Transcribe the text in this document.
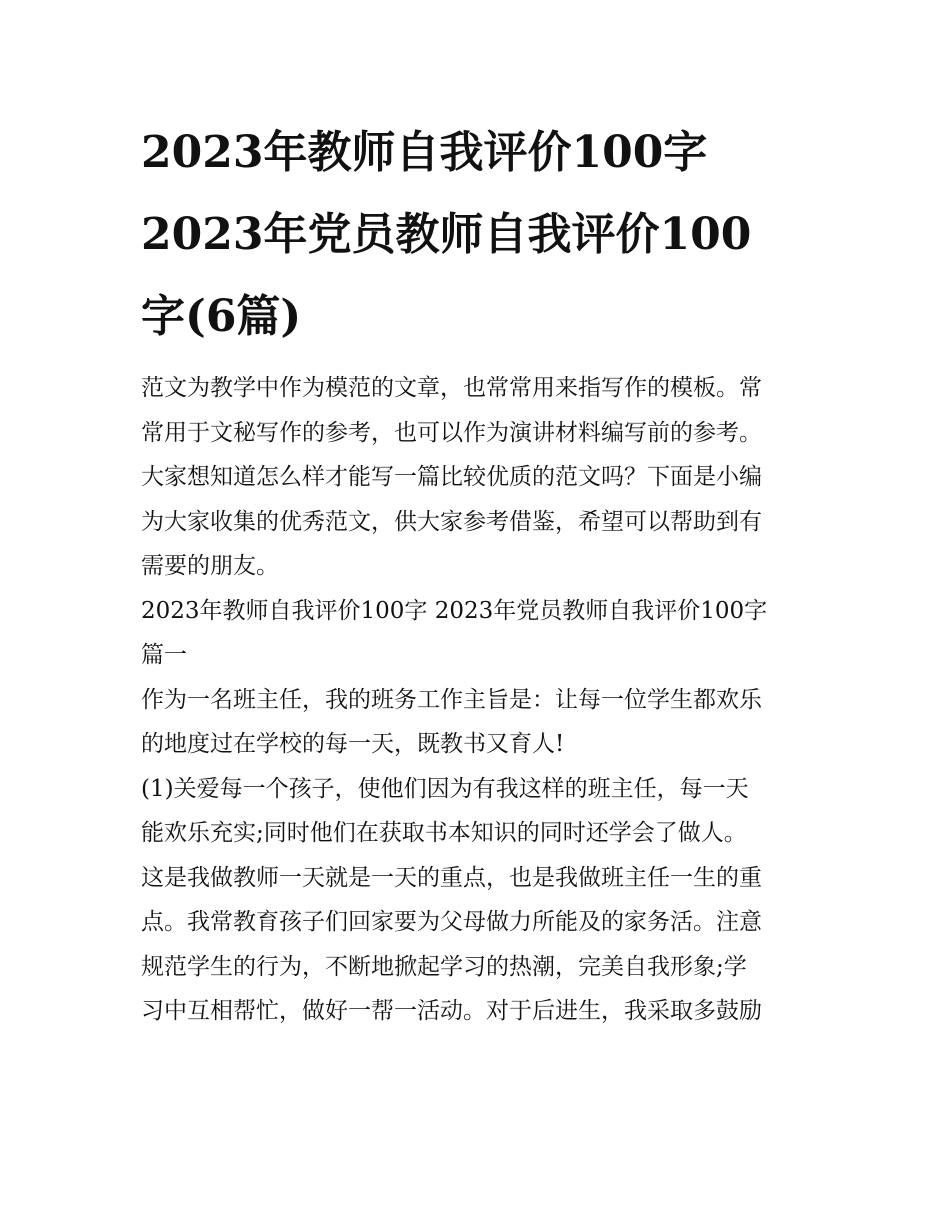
2023年教师自我评价100字
2023年党员教师自我评价100
字(6篇)

范文为教学中作为模范的文章，也常常用来指写作的模板。常
常用于文秘写作的参考，也可以作为演讲材料编写前的参考。
大家想知道怎么样才能写一篇比较优质的范文吗？下面是小编
为大家收集的优秀范文，供大家参考借鉴，希望可以帮助到有
需要的朋友。

2023年教师自我评价100字 2023年党员教师自我评价100字
篇一

作为一名班主任，我的班务工作主旨是：让每一位学生都欢乐
的地度过在学校的每一天，既教书又育人!

(1)关爱每一个孩子，使他们因为有我这样的班主任，每一天
能欢乐充实;同时他们在获取书本知识的同时还学会了做人。
这是我做教师一天就是一天的重点，也是我做班主任一生的重
点。我常教育孩子们回家要为父母做力所能及的家务活。注意
规范学生的行为，不断地掀起学习的热潮，完美自我形象;学
习中互相帮忙，做好一帮一活动。对于后进生，我采取多鼓励
